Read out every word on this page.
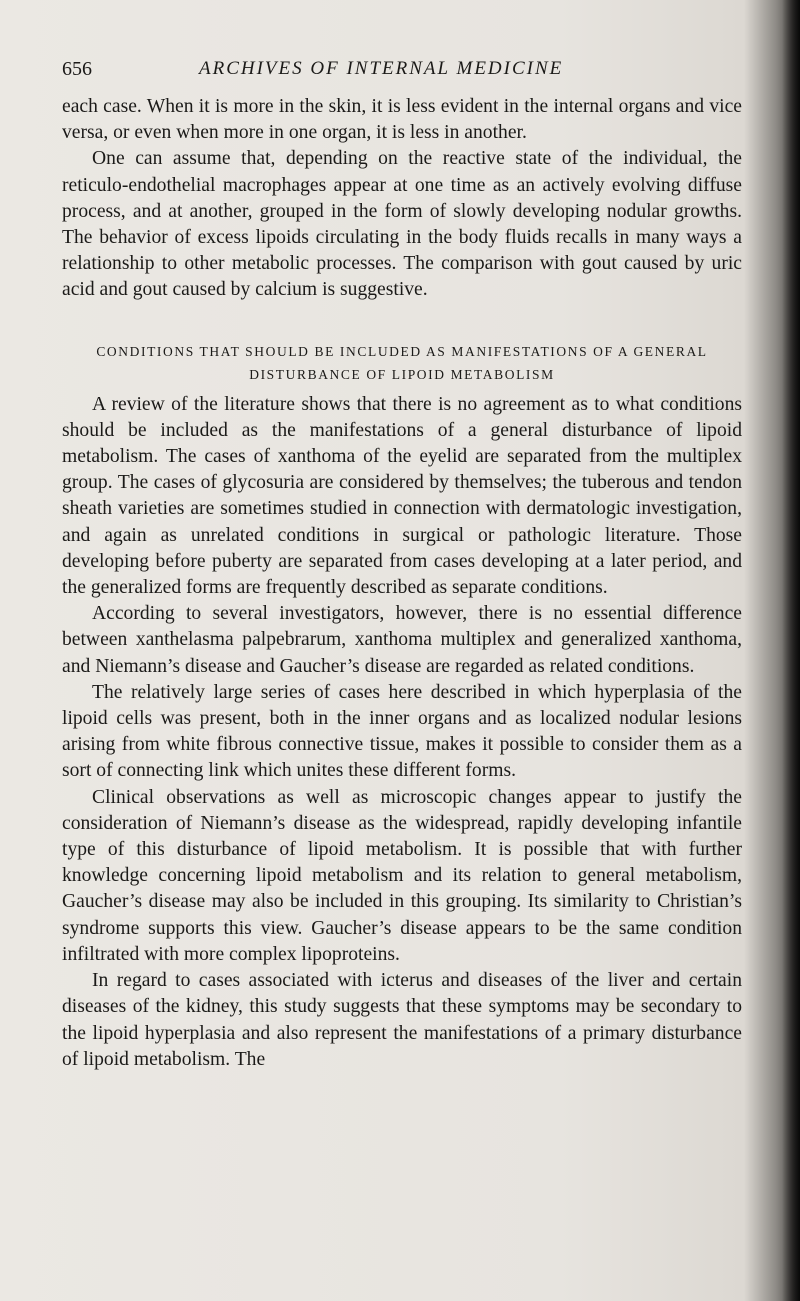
656	ARCHIVES OF INTERNAL MEDICINE

each case. When it is more in the skin, it is less evident in the internal organs and vice versa, or even when more in one organ, it is less in another.

One can assume that, depending on the reactive state of the individual, the reticulo-endothelial macrophages appear at one time as an actively evolving diffuse process, and at another, grouped in the form of slowly developing nodular growths. The behavior of excess lipoids circulating in the body fluids recalls in many ways a relationship to other metabolic processes. The comparison with gout caused by uric acid and gout caused by calcium is suggestive.

CONDITIONS THAT SHOULD BE INCLUDED AS MANIFESTATIONS OF A GENERAL DISTURBANCE OF LIPOID METABOLISM

A review of the literature shows that there is no agreement as to what conditions should be included as the manifestations of a general disturbance of lipoid metabolism. The cases of xanthoma of the eyelid are separated from the multiplex group. The cases of glycosuria are considered by themselves; the tuberous and tendon sheath varieties are sometimes studied in connection with dermatologic investigation, and again as unrelated conditions in surgical or pathologic literature. Those developing before puberty are separated from cases developing at a later period, and the generalized forms are frequently described as separate conditions.

According to several investigators, however, there is no essential difference between xanthelasma palpebrarum, xanthoma multiplex and generalized xanthoma, and Niemann’s disease and Gaucher’s disease are regarded as related conditions.

The relatively large series of cases here described in which hyperplasia of the lipoid cells was present, both in the inner organs and as localized nodular lesions arising from white fibrous connective tissue, makes it possible to consider them as a sort of connecting link which unites these different forms.

Clinical observations as well as microscopic changes appear to justify the consideration of Niemann’s disease as the widespread, rapidly developing infantile type of this disturbance of lipoid metabolism. It is possible that with further knowledge concerning lipoid metabolism and its relation to general metabolism, Gaucher’s disease may also be included in this grouping. Its similarity to Christian’s syndrome supports this view. Gaucher’s disease appears to be the same condition infiltrated with more complex lipoproteins.

In regard to cases associated with icterus and diseases of the liver and certain diseases of the kidney, this study suggests that these symptoms may be secondary to the lipoid hyperplasia and also represent the manifestations of a primary disturbance of lipoid metabolism. The
